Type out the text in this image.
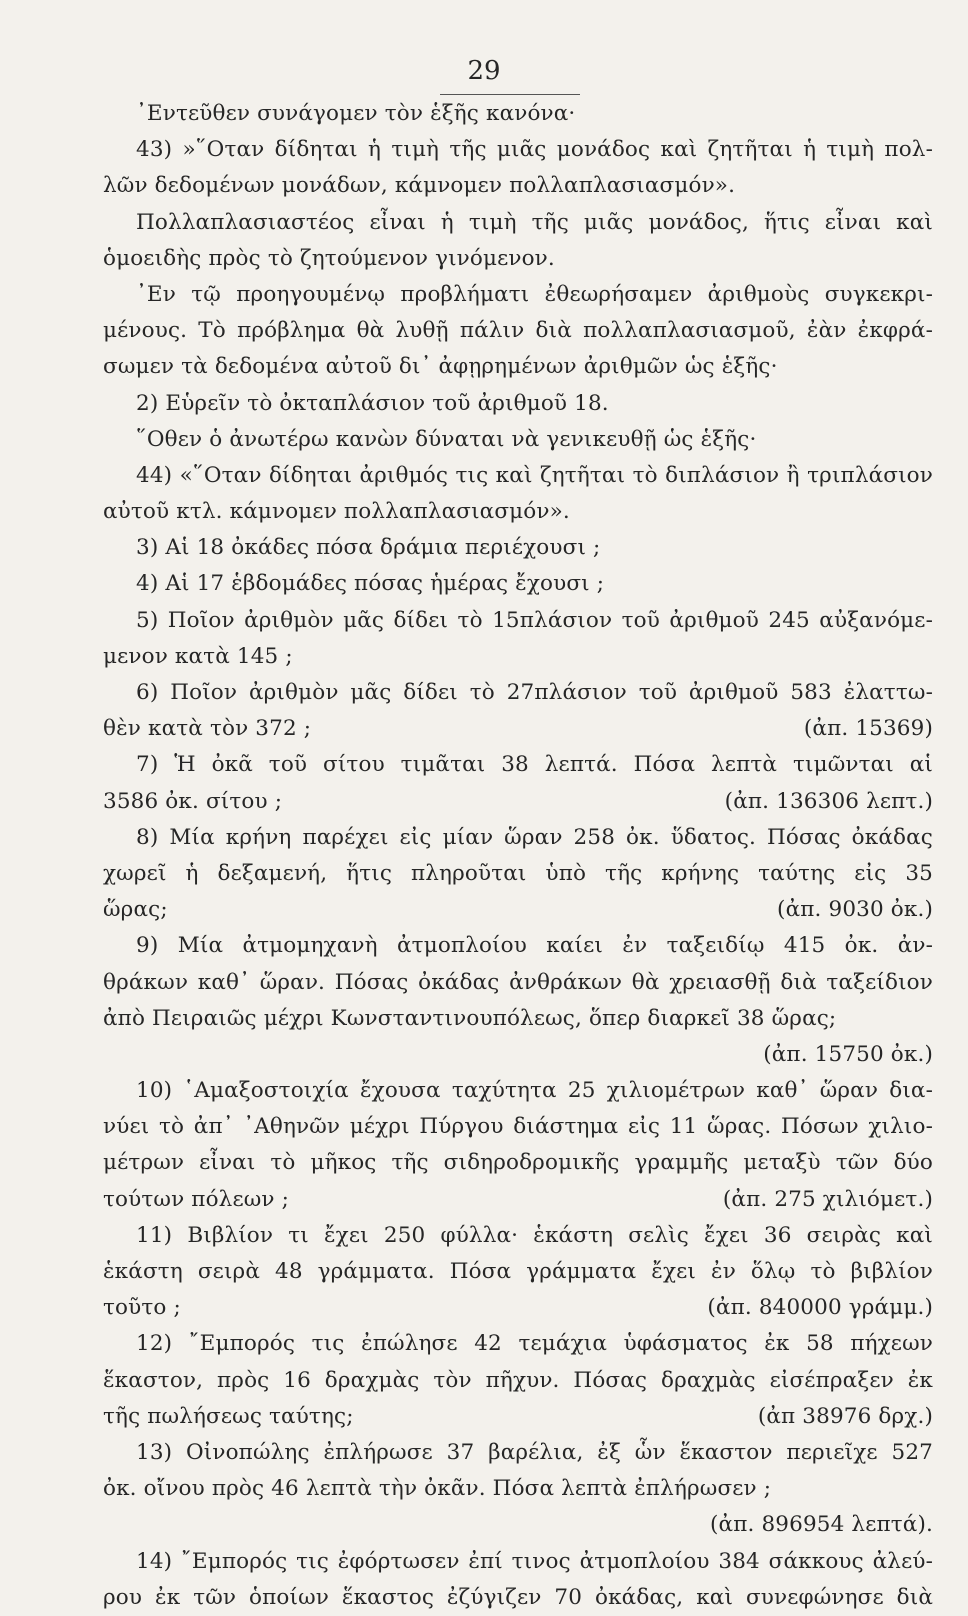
29
᾿Εντεῦθεν συνάγομεν τὸν ἑξῆς κανόνα·
43) »῞Οταν δίδηται ἡ τιμὴ τῆς μιᾶς μονάδος καὶ ζητῆται ἡ τιμὴ πολ-
λῶν δεδομένων μονάδων, κάμνομεν πολλαπλασιασμόν».
Πολλαπλασιαστέος εἶναι ἡ τιμὴ τῆς μιᾶς μονάδος, ἥτις εἶναι καὶ
ὁμοειδὴς πρὸς τὸ ζητούμενον γινόμενον.
᾿Εν τῷ προηγουμένῳ προβλήματι ἐθεωρήσαμεν ἀριθμοὺς συγκεκρι-
μένους. Τὸ πρόβλημα θὰ λυθῇ πάλιν διὰ πολλαπλασιασμοῦ, ἐὰν ἐκφρά-
σωμεν τὰ δεδομένα αὐτοῦ δι᾿ ἀφῃρημένων ἀριθμῶν ὡς ἑξῆς·
2) Εὑρεῖν τὸ ὀκταπλάσιον τοῦ ἀριθμοῦ 18.
῞Οθεν ὁ ἀνωτέρω κανὼν δύναται νὰ γενικευθῇ ὡς ἑξῆς·
44) «῞Οταν δίδηται ἀριθμός τις καὶ ζητῆται τὸ διπλάσιον ἢ τριπλάσιον
αὐτοῦ κτλ. κάμνομεν πολλαπλασιασμόν».
3) Αἱ 18 ὀκάδες πόσα δράμια περιέχουσι ;
4) Αἱ 17 ἑβδομάδες πόσας ἡμέρας ἔχουσι ;
5) Ποῖον ἀριθμὸν μᾶς δίδει τὸ 15πλάσιον τοῦ ἀριθμοῦ 245 αὐξανόμε-
μενον κατὰ 145 ;
6) Ποῖον ἀριθμὸν μᾶς δίδει τὸ 27πλάσιον τοῦ ἀριθμοῦ 583 ἐλαττω-
θὲν κατὰ τὸν 372 ;	(ἀπ. 15369)
7) Ἡ ὀκᾶ τοῦ σίτου τιμᾶται 38 λεπτά. Πόσα λεπτὰ τιμῶνται αἱ
3586 ὀκ. σίτου ;	(ἀπ. 136306 λεπτ.)
8) Μία κρήνη παρέχει εἰς μίαν ὥραν 258 ὀκ. ὕδατος. Πόσας ὀκάδας
χωρεῖ ἡ δεξαμενή, ἥτις πληροῦται ὑπὸ τῆς κρήνης ταύτης εἰς 35
ὥρας;	(ἀπ. 9030 ὀκ.)
9) Μία ἀτμομηχανὴ ἀτμοπλοίου καίει ἐν ταξειδίῳ 415 ὀκ. ἀν-
θράκων καθ᾿ ὥραν. Πόσας ὀκάδας ἀνθράκων θὰ χρειασθῇ διὰ ταξείδιον
ἀπὸ Πειραιῶς μέχρι Κωνσταντινουπόλεως, ὅπερ διαρκεῖ 38 ὥρας;
(ἀπ. 15750 ὀκ.)
10) ῾Αμαξοστοιχία ἔχουσα ταχύτητα 25 χιλιομέτρων καθ᾿ ὥραν δια-
νύει τὸ ἀπ᾿ ᾿Αθηνῶν μέχρι Πύργου διάστημα εἰς 11 ὥρας. Πόσων χιλιο-
μέτρων εἶναι τὸ μῆκος τῆς σιδηροδρομικῆς γραμμῆς μεταξὺ τῶν δύο
τούτων πόλεων ;	(ἀπ. 275 χιλιόμετ.)
11) Βιβλίον τι ἔχει 250 φύλλα· ἑκάστη σελὶς ἔχει 36 σειρὰς καὶ
ἑκάστη σειρὰ 48 γράμματα. Πόσα γράμματα ἔχει ἐν ὅλῳ τὸ βιβλίον
τοῦτο ;	(ἀπ. 840000 γράμμ.)
12) ῎Εμπορός τις ἐπώλησε 42 τεμάχια ὑφάσματος ἐκ 58 πήχεων
ἕκαστον, πρὸς 16 δραχμὰς τὸν πῆχυν. Πόσας δραχμὰς εἰσέπραξεν ἐκ
τῆς πωλήσεως ταύτης;	(ἀπ 38976 δρχ.)
13) Οἰνοπώλης ἐπλήρωσε 37 βαρέλια, ἐξ ὧν ἕκαστον περιεῖχε 527
ὀκ. οἴνου πρὸς 46 λεπτὰ τὴν ὀκᾶν. Πόσα λεπτὰ ἐπλήρωσεν ;
(ἀπ. 896954 λεπτά).
14) ῎Εμπορός τις ἐφόρτωσεν ἐπί τινος ἀτμοπλοίου 384 σάκκους ἀλεύ-
ρου ἐκ τῶν ὁποίων ἕκαστος ἐζύγιζεν 70 ὀκάδας, καὶ συνεφώνησε διὰ
